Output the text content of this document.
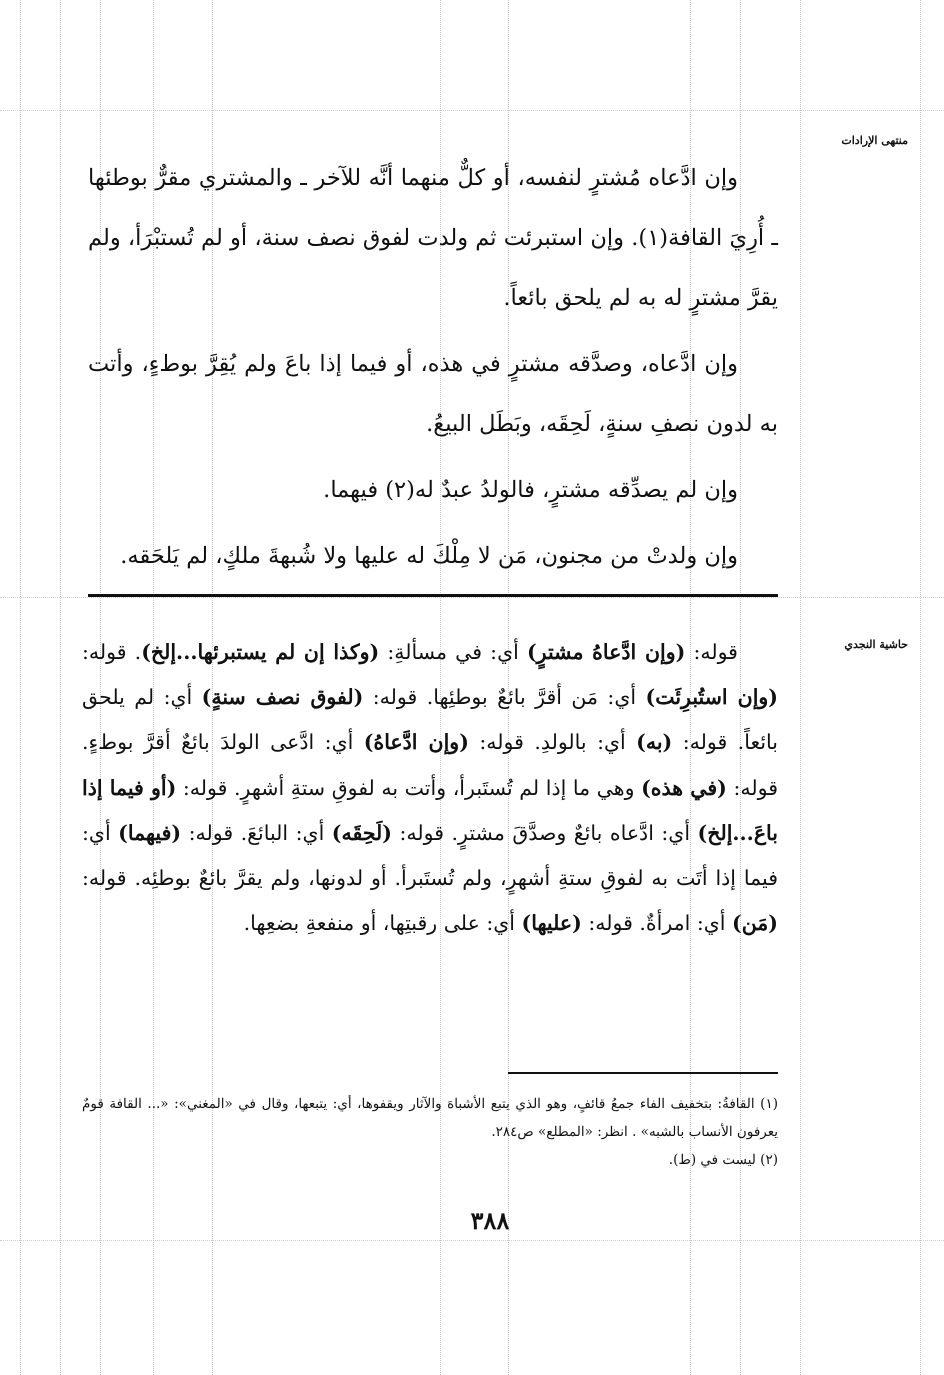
منتهى الإرادات
حاشية النجدي

وإن ادَّعاه مُشترٍ لنفسه، أو كلٌّ منهما أنَّه للآخر ـ والمشتري مقرٌّ بوطئها ـ أُرِيَ القافة(١). وإن استبرئت ثم ولدت لفوق نصف سنة، أو لم تُستبْرَأ، ولم يقرَّ مشترٍ له به لم يلحق بائعاً.

وإن ادَّعاه، وصدَّقه مشترٍ في هذه، أو فيما إذا باعَ ولم يُقِرَّ بوطءٍ، وأتت به لدون نصفِ سنةٍ، لَحِقَه، وبَطَل البيعُ.

وإن لم يصدِّقه مشترٍ، فالولدُ عبدٌ له(٢) فيهما.

وإن ولدتْ من مجنون، مَن لا مِلْكَ له عليها ولا شُبهةَ ملكٍ، لم يَلحَقه.

قوله: (وإن ادَّعاهُ مشترٍ) أي: في مسألةِ: (وكذا إن لم يستبرئها...إلخ). قوله: (وإن استُبرِئَت) أي: مَن أقرَّ بائعٌ بوطئِها. قوله: (لفوق نصف سنةٍ) أي: لم يلحق بائعاً. قوله: (به) أي: بالولدِ. قوله: (وإن ادَّعاهُ) أي: ادَّعى الولدَ بائعٌ أقرَّ بوطءٍ. قوله: (في هذه) وهي ما إذا لم تُستَبرأ، وأتت به لفوقِ ستةِ أشهرٍ. قوله: (أو فيما إذا باعَ...إلخ) أي: ادَّعاه بائعٌ وصدَّقَ مشترٍ. قوله: (لَحِقَه) أي: البائعَ. قوله: (فيهما) أي: فيما إذا أتَت به لفوقِ ستةِ أشهرٍ، ولم تُستَبرأ. أو لدونها، ولم يقرَّ بائعٌ بوطئِه. قوله: (مَن) أي: امرأةٌ. قوله: (عليها) أي: على رقبتِها، أو منفعةِ بضعِها.

(١) القافةُ: بتخفيف الفاء جمعُ قائفٍ، وهو الذي يتبع الأشباهَ والآثار ويقفوها، أي: يتبعها، وقال في «المغني»: «... القافة قومٌ يعرفون الأنساب بالشبه» . انظر: «المطلع» ص٢٨٤.

(٢) ليست في (ط).

٣٨٨
